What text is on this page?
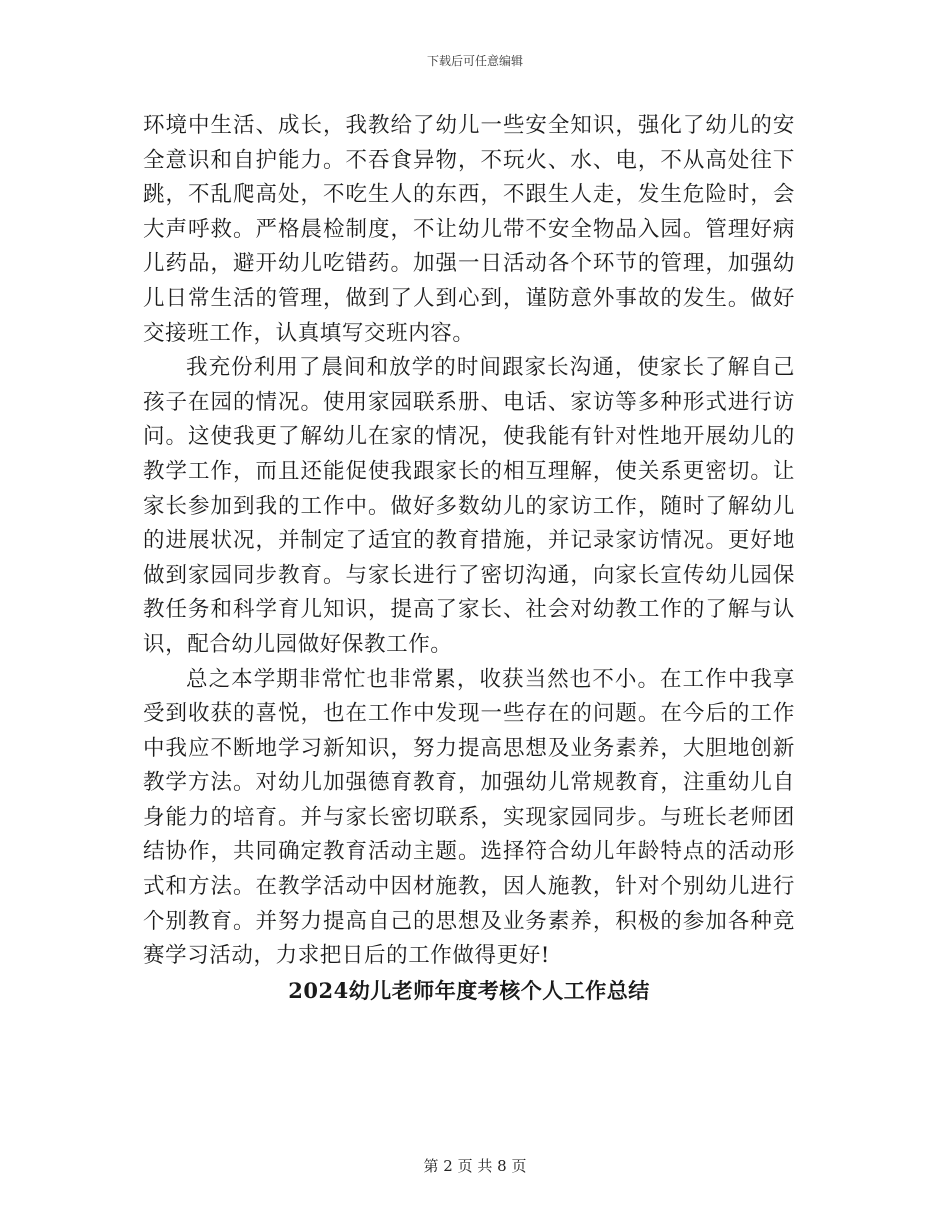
下载后可任意编辑

环境中生活、成长，我教给了幼儿一些安全知识，强化了幼儿的安全意识和自护能力。不吞食异物，不玩火、水、电，不从高处往下跳，不乱爬高处，不吃生人的东西，不跟生人走，发生危险时，会大声呼救。严格晨检制度，不让幼儿带不安全物品入园。管理好病儿药品，避开幼儿吃错药。加强一日活动各个环节的管理，加强幼儿日常生活的管理，做到了人到心到，谨防意外事故的发生。做好交接班工作，认真填写交班内容。

我充份利用了晨间和放学的时间跟家长沟通，使家长了解自己孩子在园的情况。使用家园联系册、电话、家访等多种形式进行访问。这使我更了解幼儿在家的情况，使我能有针对性地开展幼儿的教学工作，而且还能促使我跟家长的相互理解，使关系更密切。让家长参加到我的工作中。做好多数幼儿的家访工作，随时了解幼儿的进展状况，并制定了适宜的教育措施，并记录家访情况。更好地做到家园同步教育。与家长进行了密切沟通，向家长宣传幼儿园保教任务和科学育儿知识，提高了家长、社会对幼教工作的了解与认识，配合幼儿园做好保教工作。

总之本学期非常忙也非常累，收获当然也不小。在工作中我享受到收获的喜悦，也在工作中发现一些存在的问题。在今后的工作中我应不断地学习新知识，努力提高思想及业务素养，大胆地创新教学方法。对幼儿加强德育教育，加强幼儿常规教育，注重幼儿自身能力的培育。并与家长密切联系，实现家园同步。与班长老师团结协作，共同确定教育活动主题。选择符合幼儿年龄特点的活动形式和方法。在教学活动中因材施教，因人施教，针对个别幼儿进行个别教育。并努力提高自己的思想及业务素养，积极的参加各种竞赛学习活动，力求把日后的工作做得更好!

2024幼儿老师年度考核个人工作总结

第 2 页 共 8 页
